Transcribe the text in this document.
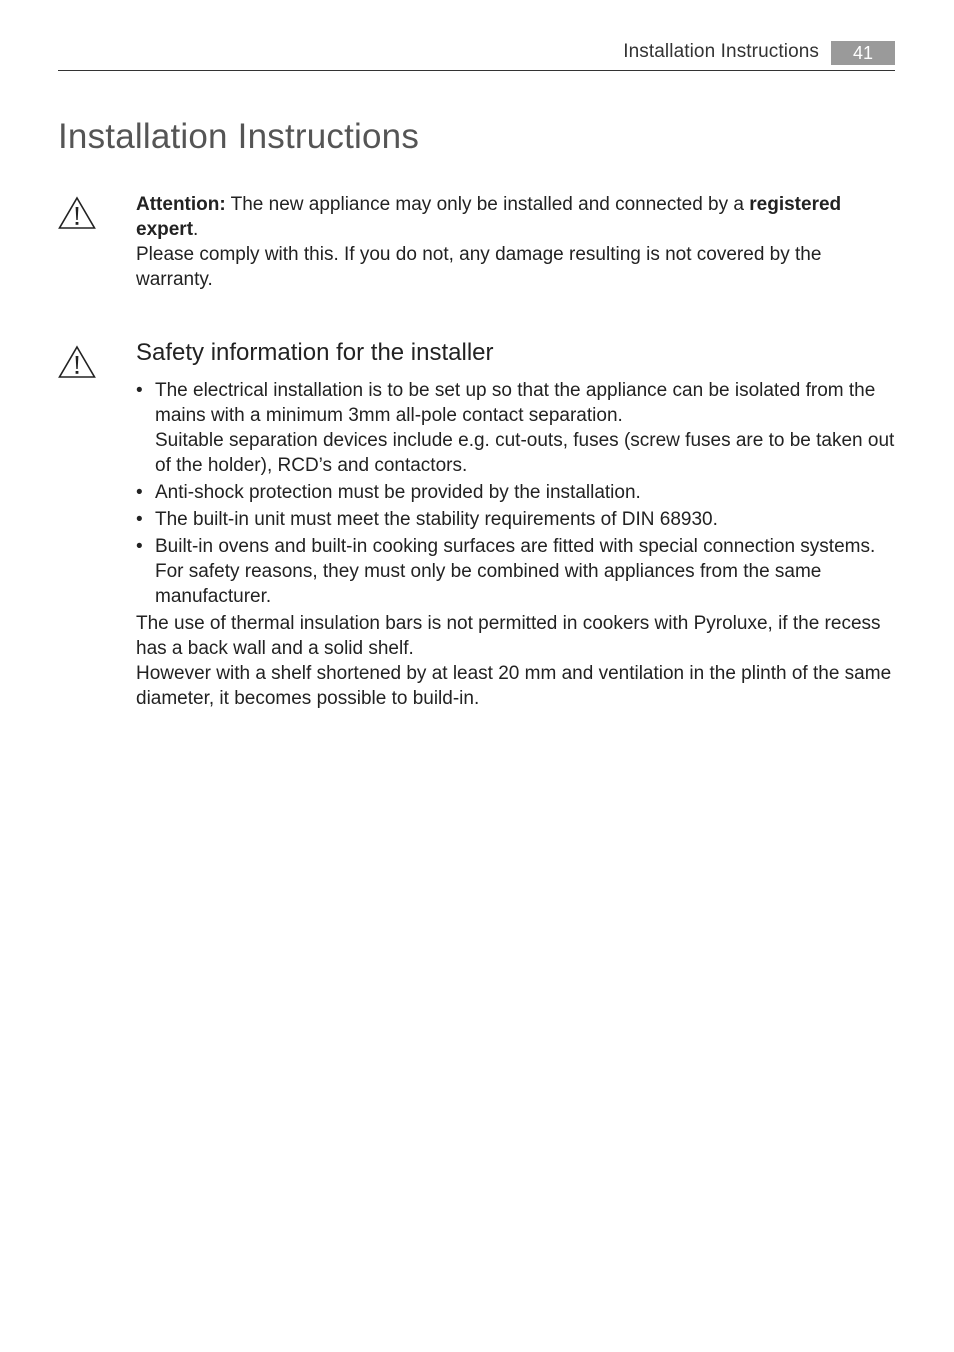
Installation Instructions	41
Installation Instructions

Attention: The new appliance may only be installed and connected by a registered expert.

Please comply with this. If you do not, any damage resulting is not covered by the warranty.

Safety information for the installer
• The electrical installation is to be set up so that the appliance can be isolated from the mains with a minimum 3mm all-pole contact separation.

Suitable separation devices include e.g. cut-outs, fuses (screw fuses are to be taken out of the holder), RCD’s and contactors.

• Anti-shock protection must be provided by the installation.

• The built-in unit must meet the stability requirements of DIN 68930.

• Built-in ovens and built-in cooking surfaces are fitted with special connection systems. For safety reasons, they must only be combined with appliances from the same manufacturer.

The use of thermal insulation bars is not permitted in cookers with Pyroluxe, if the recess has a back wall and a solid shelf.

However with a shelf shortened by at least 20 mm and ventilation in the plinth of the same diameter, it becomes possible to build-in.
